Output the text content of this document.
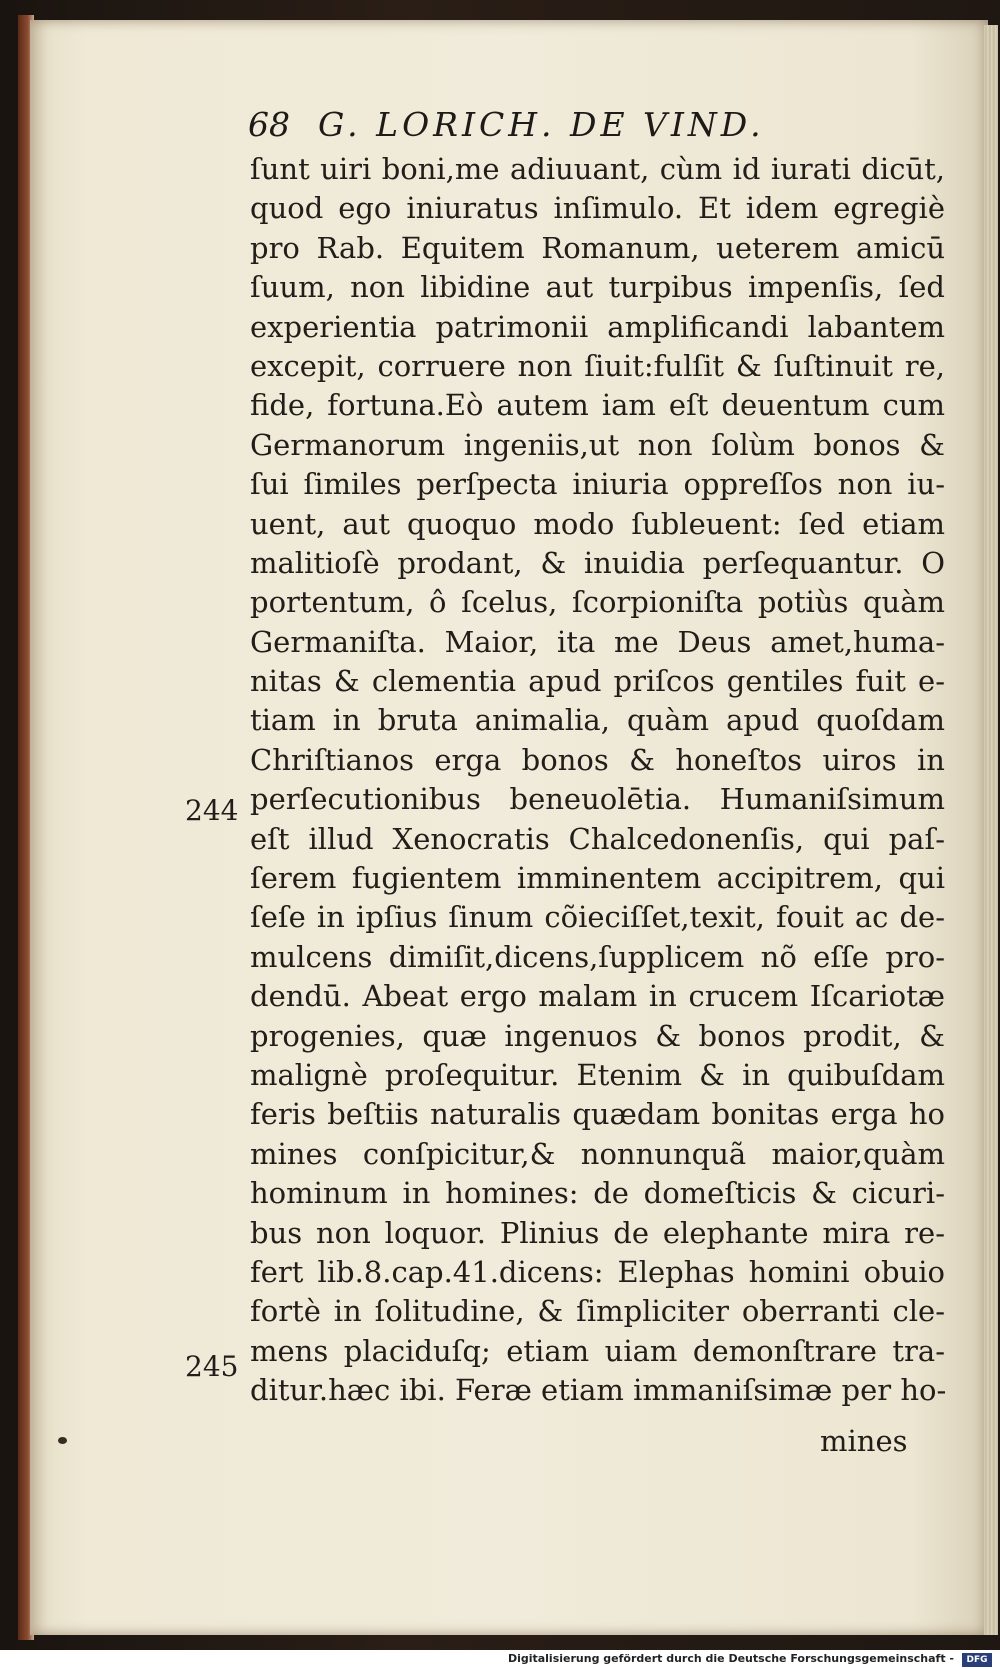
68 G. LORICH. DE VIND.
ſunt uiri boni,me adiuuant, cùm id iurati dicūt,
quod ego iniuratus inſimulo. Et idem egregiè
pro Rab. Equitem Romanum, ueterem amicū
ſuum, non libidine aut turpibus impenſis, ſed
experientia patrimonii amplificandi labantem
excepit, corruere non ſiuit:fulſit & ſuſtinuit re,
fide, fortuna.Eò autem iam eſt deuentum cum
Germanorum ingeniis,ut non ſolùm bonos &
ſui ſimiles perſpecta iniuria oppreſſos non iu-
uent, aut quoquo modo ſubleuent: ſed etiam
malitioſè prodant, & inuidia perſequantur. O
portentum, ô ſcelus, ſcorpioniſta potiùs quàm
Germaniſta. Maior, ita me Deus amet,huma-
nitas & clementia apud priſcos gentiles fuit e-
tiam in bruta animalia, quàm apud quoſdam
Chriſtianos erga bonos & honeſtos uiros in
perſecutionibus beneuolētia. Humaniſsimum
eſt illud Xenocratis Chalcedonenſis, qui paſ-
ſerem fugientem imminentem accipitrem, qui
ſeſe in ipſius ſinum cõieciſſet,texit, fouit ac de-
mulcens dimiſit,dicens,ſupplicem nõ eſſe pro-
dendū. Abeat ergo malam in crucem Iſcariotæ
progenies, quæ ingenuos & bonos prodit, &
malignè proſequitur. Etenim & in quibuſdam
feris beſtiis naturalis quædam bonitas erga ho
mines conſpicitur,& nonnunquã maior,quàm
hominum in homines: de domeſticis & cicuri-
bus non loquor. Plinius de elephante mira re-
fert lib.8.cap.41.dicens: Elephas homini obuio
fortè in ſolitudine, & ſimpliciter oberranti cle-
mens placiduſq; etiam uiam demonſtrare tra-
ditur.hæc ibi. Feræ etiam immaniſsimæ per ho-
244
245
mines
Digitalisierung gefördert durch die Deutsche Forschungsgemeinschaft -	DFG
